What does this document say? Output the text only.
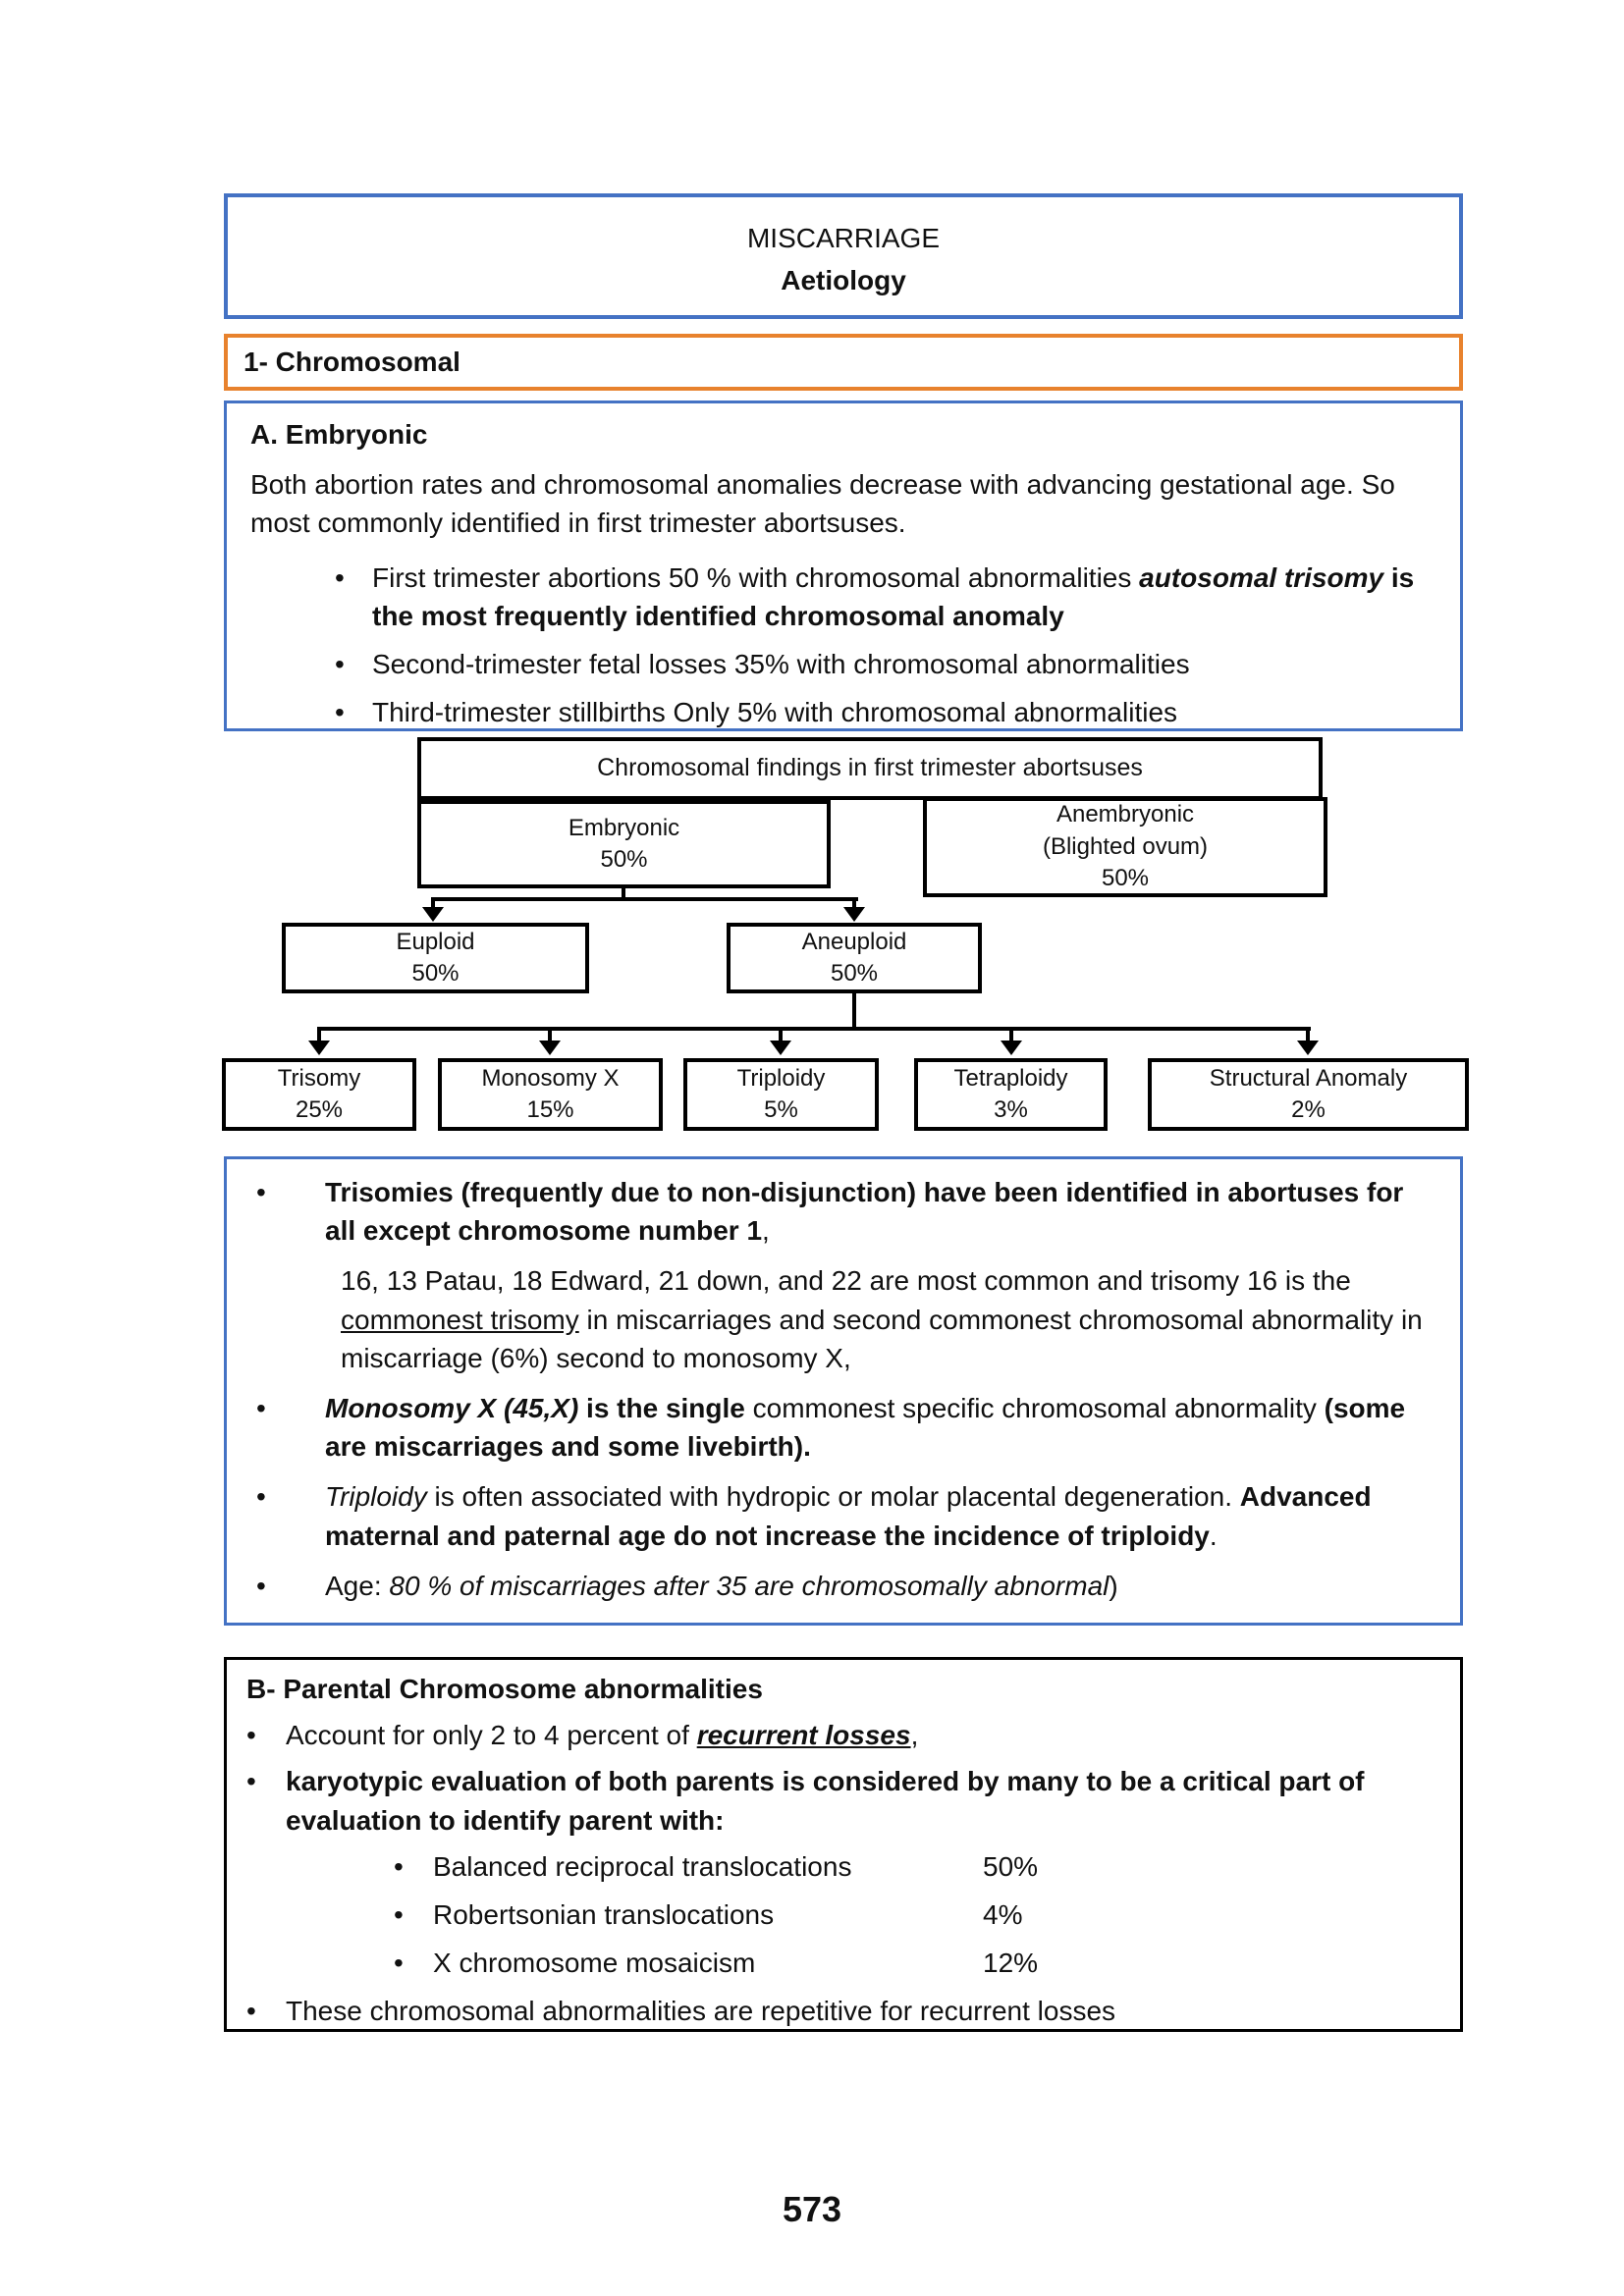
MISCARRIAGE
Aetiology
1- Chromosomal
A. Embryonic

Both abortion rates and chromosomal anomalies decrease with advancing gestational age. So most commonly identified in first trimester abortsuses.

•	First trimester abortions 50 % with chromosomal abnormalities autosomal trisomy is the most frequently identified chromosomal anomaly
•	Second-trimester fetal losses 35% with chromosomal abnormalities
•	Third-trimester stillbirths Only 5% with chromosomal abnormalities
Chromosomal findings in first trimester abortsuses
Embryonic
50%
Anembryonic
(Blighted ovum)
50%
Euploid
50%
Aneuploid
50%
Trisomy
25%
Monosomy X
15%
Triploidy
5%
Tetraploidy
3%
Structural Anomaly
2%
•	Trisomies (frequently due to non-disjunction) have been identified in abortuses for all except chromosome number 1,
16, 13 Patau, 18 Edward, 21 down, and 22 are most common and trisomy 16 is the commonest trisomy in miscarriages and second commonest chromosomal abnormality in miscarriage (6%) second to monosomy X,
•	Monosomy X (45,X) is the single commonest specific chromosomal abnormality (some are miscarriages and some livebirth).
•	Triploidy is often associated with hydropic or molar placental degeneration. Advanced maternal and paternal age do not increase the incidence of triploidy.
•	Age: 80 % of miscarriages after 35 are chromosomally abnormal)
B- Parental Chromosome abnormalities
•	Account for only 2 to 4 percent of recurrent losses,
•	karyotypic evaluation of both parents is considered by many to be a critical part of evaluation to identify parent with:
•	Balanced reciprocal translocations	50%
•	Robertsonian translocations	4%
•	X chromosome mosaicism	12%
•	These chromosomal abnormalities are repetitive for recurrent losses
573
